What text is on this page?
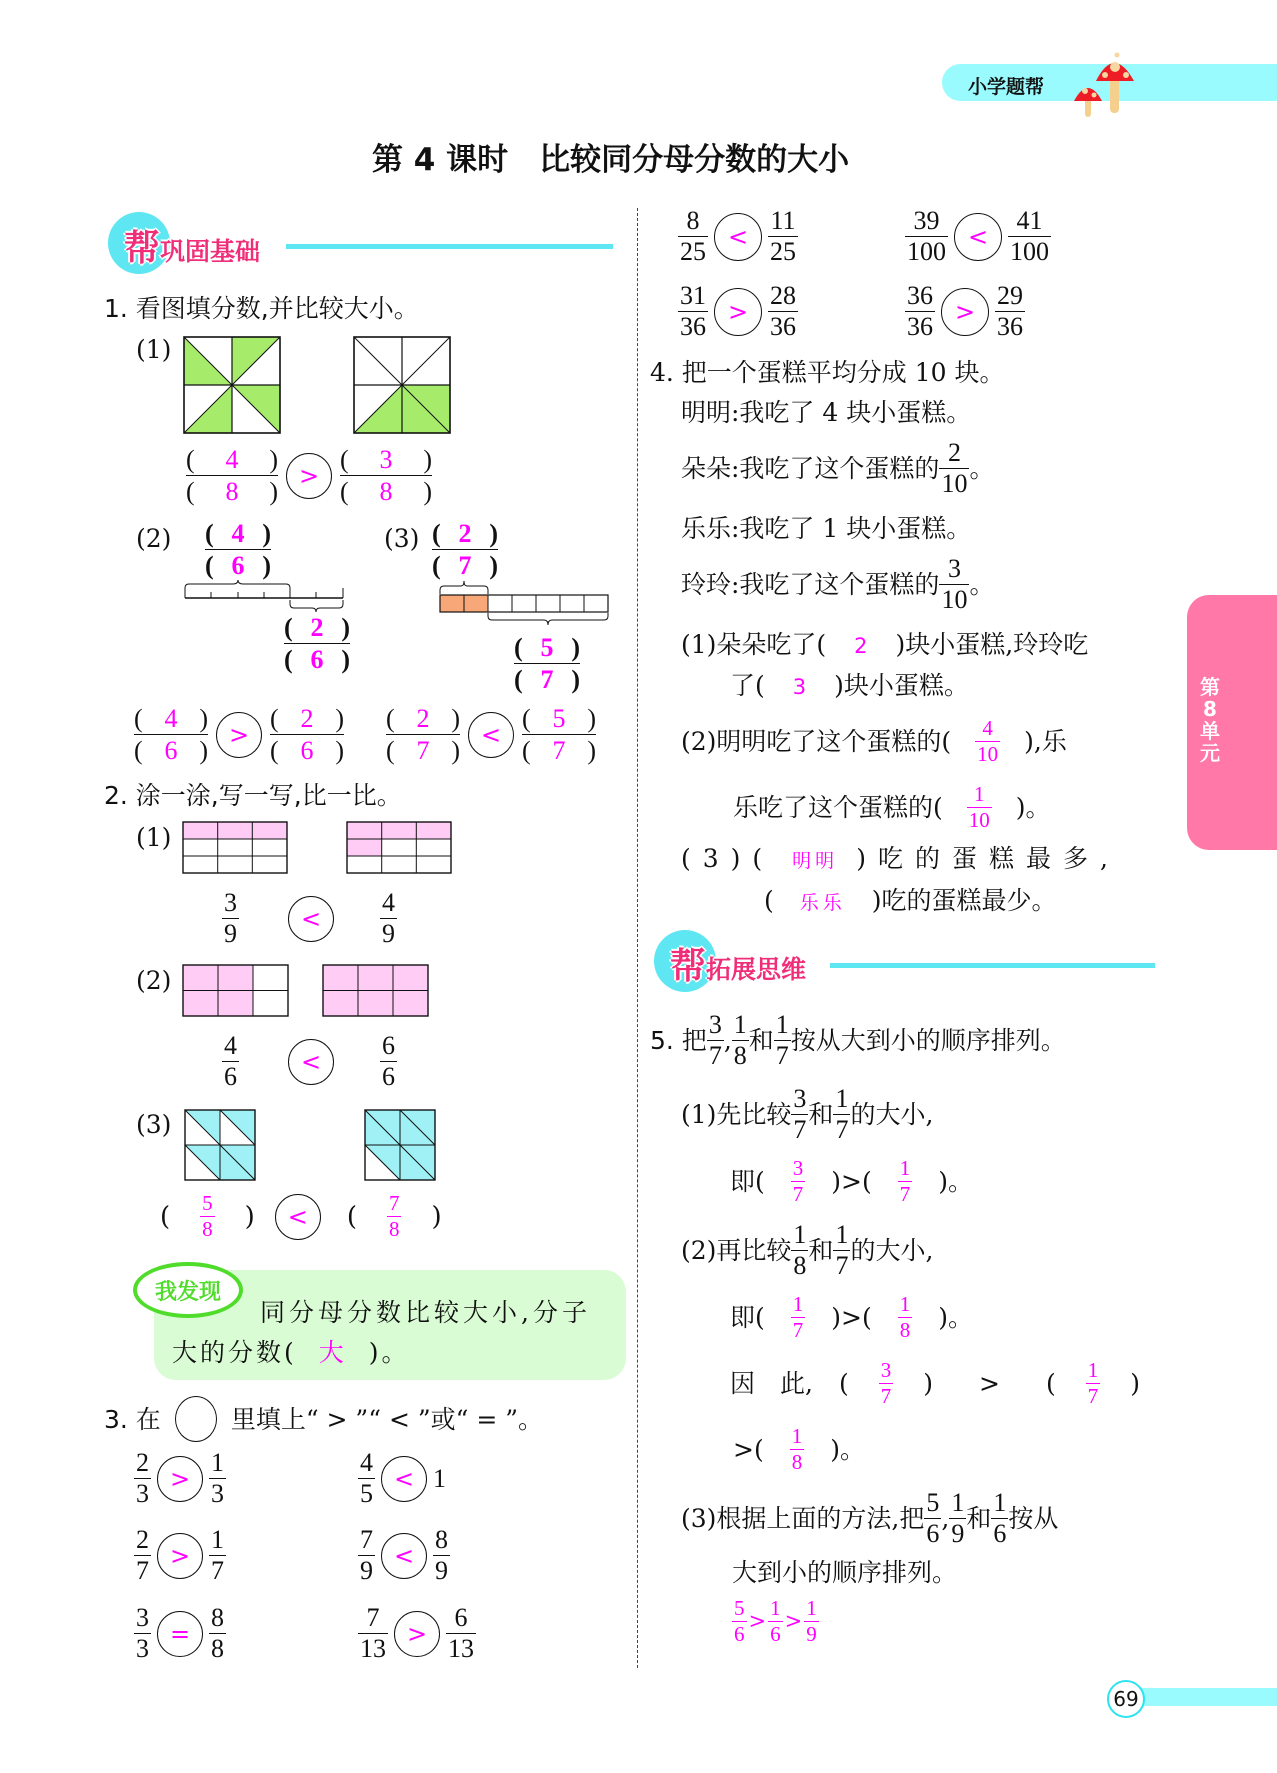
小学题帮
第 4 课时　比较同分母分数的大小
第
8
单
元
69
帮 巩固基础
1. 看图填分数,并比较大小。
(1)
(	4	)
(	8	) > (	3	)
(	8	)
(2) ( 4 )
( 6 )
( 2 )
( 6 )
(3) ( 2 )
( 7 )
( 5 )
( 7 )
$\frac{( 4 )}{( 6 )} > \frac{( 2 )}{( 6 )} \frac{( 2 )}{( 7 )} < \frac{( 5 )}{( 7 )}$
2. 涂一涂,写一写,比一比。
(1)
3
9	<
4
9
(2)
4
6	<
6
6
(3)
( $\frac{5}{8}$ )	<	( $\frac{7}{8}$ )
我发现
同分母分数比较大小,分子
大的分数( 大 )。
3. 在	里填上“ > ”“ < ”或“ = ”。
$\frac{2}{3} > \frac{1}{3}$	$\frac{4}{5} < 1$
$\frac{2}{7} > \frac{1}{7}$	$\frac{7}{9} < \frac{8}{9}$
$\frac{3}{3} = \frac{8}{8}$	$\frac{7}{13} > \frac{6}{13}$
$\frac{8}{25} < \frac{11}{25}$	$\frac{39}{100} < \frac{41}{100}$
$\frac{31}{36} > \frac{28}{36}$	$\frac{36}{36} > \frac{29}{36}$
4. 把一个蛋糕平均分成 10 块。
明明:我吃了 4 块小蛋糕。
朵朵:我吃了这个蛋糕的 $\frac{2}{10}$ 。
乐乐:我吃了 1 块小蛋糕。
玲玲:我吃了这个蛋糕的 $\frac{3}{10}$ 。
(1)朵朵吃了( 2 )块小蛋糕,玲玲吃
了( 3 )块小蛋糕。
(2)明明吃了这个蛋糕的( $\frac{4}{10}$ ),乐
乐吃了这个蛋糕的( $\frac{1}{10}$ )。
(3)( 明明 )吃的蛋糕最多,
( 乐乐 )吃的蛋糕最少。
帮 拓展思维
5. 把 $\frac{3}{7}$ , $\frac{1}{8}$ 和 $\frac{1}{7}$ 按从大到小的顺序排列。
(1)先比较 $\frac{3}{7}$ 和 $\frac{1}{7}$ 的大小,
即( $\frac{3}{7}$ )>( $\frac{1}{7}$ )。
(2)再比较 $\frac{1}{8}$ 和 $\frac{1}{7}$ 的大小,
即( $\frac{1}{7}$ )>( $\frac{1}{8}$ )。
因　此, ( $\frac{3}{7}$ ) > ( $\frac{1}{7}$ )
> ( $\frac{1}{8}$ )。
(3)根据上面的方法,把 $\frac{5}{6}$ , $\frac{1}{9}$ 和 $\frac{1}{6}$ 按从
大到小的顺序排列。
$\frac{5}{6} > \frac{1}{6} > \frac{1}{9}$
